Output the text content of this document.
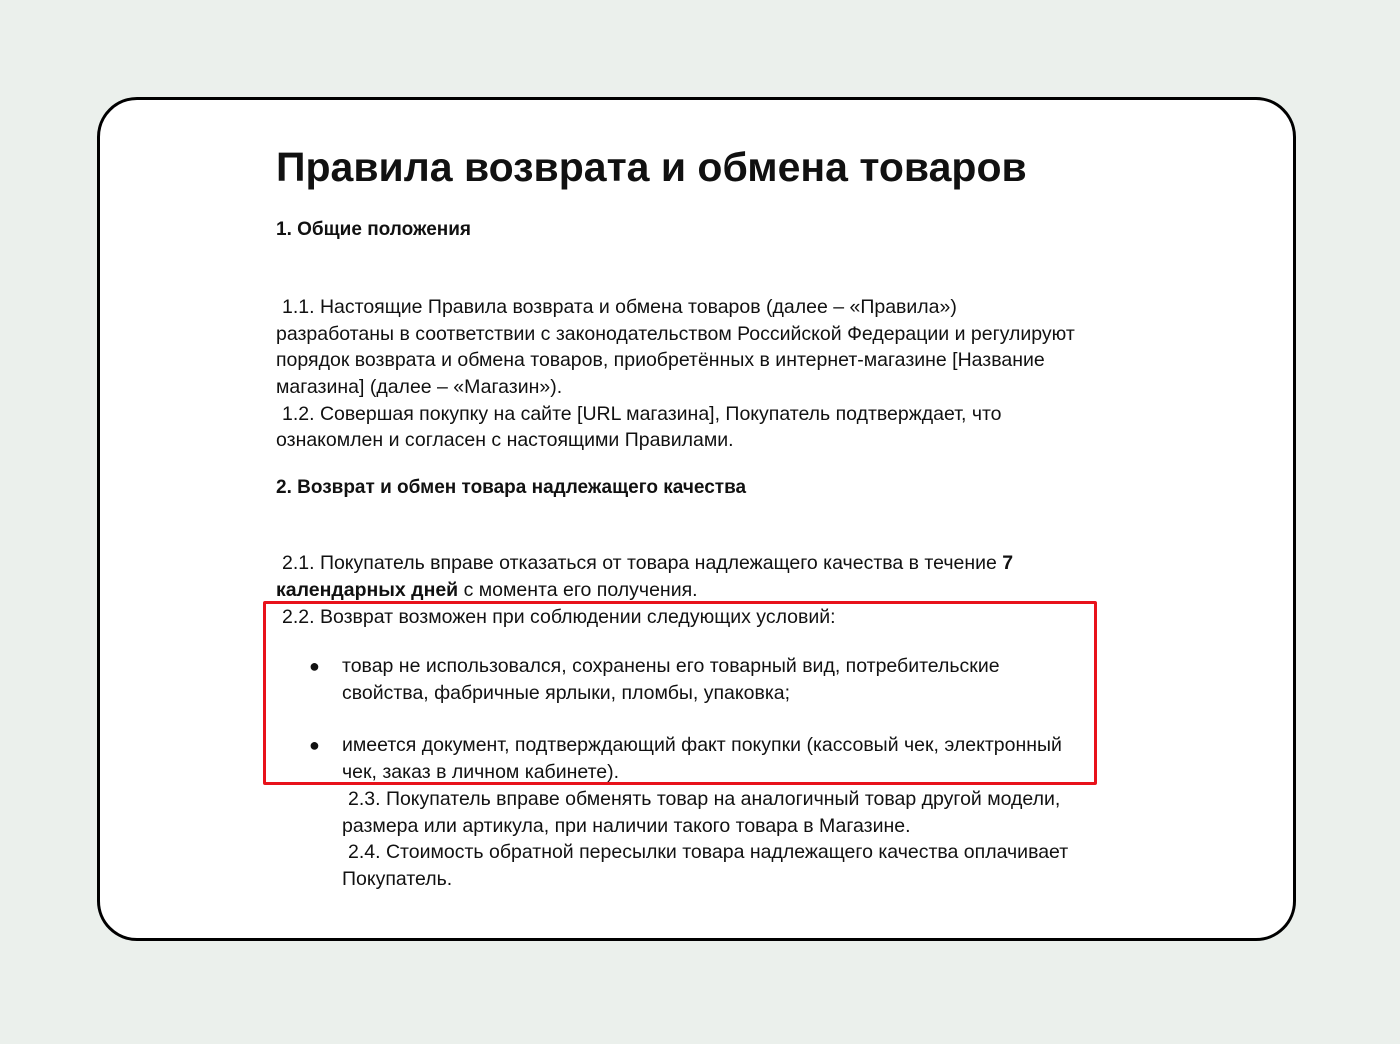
Правила возврата и обмена товаров
1. Общие положения

1.1. Настоящие Правила возврата и обмена товаров (далее – «Правила»)
разработаны в соответствии с законодательством Российской Федерации и регулируют
порядок возврата и обмена товаров, приобретённых в интернет-магазине [Название
магазина] (далее – «Магазин»).

1.2. Совершая покупку на сайте [URL магазина], Покупатель подтверждает, что
ознакомлен и согласен с настоящими Правилами.

2. Возврат и обмен товара надлежащего качества

2.1. Покупатель вправе отказаться от товара надлежащего качества в течение 7
календарных дней с момента его получения.

2.2. Возврат возможен при соблюдении следующих условий:

● товар не использовался, сохранены его товарный вид, потребительские
свойства, фабричные ярлыки, пломбы, упаковка;
● имеется документ, подтверждающий факт покупки (кассовый чек, электронный
чек, заказ в личном кабинете).

2.3. Покупатель вправе обменять товар на аналогичный товар другой модели,
размера или артикула, при наличии такого товара в Магазине.

2.4. Стоимость обратной пересылки товара надлежащего качества оплачивает
Покупатель.
